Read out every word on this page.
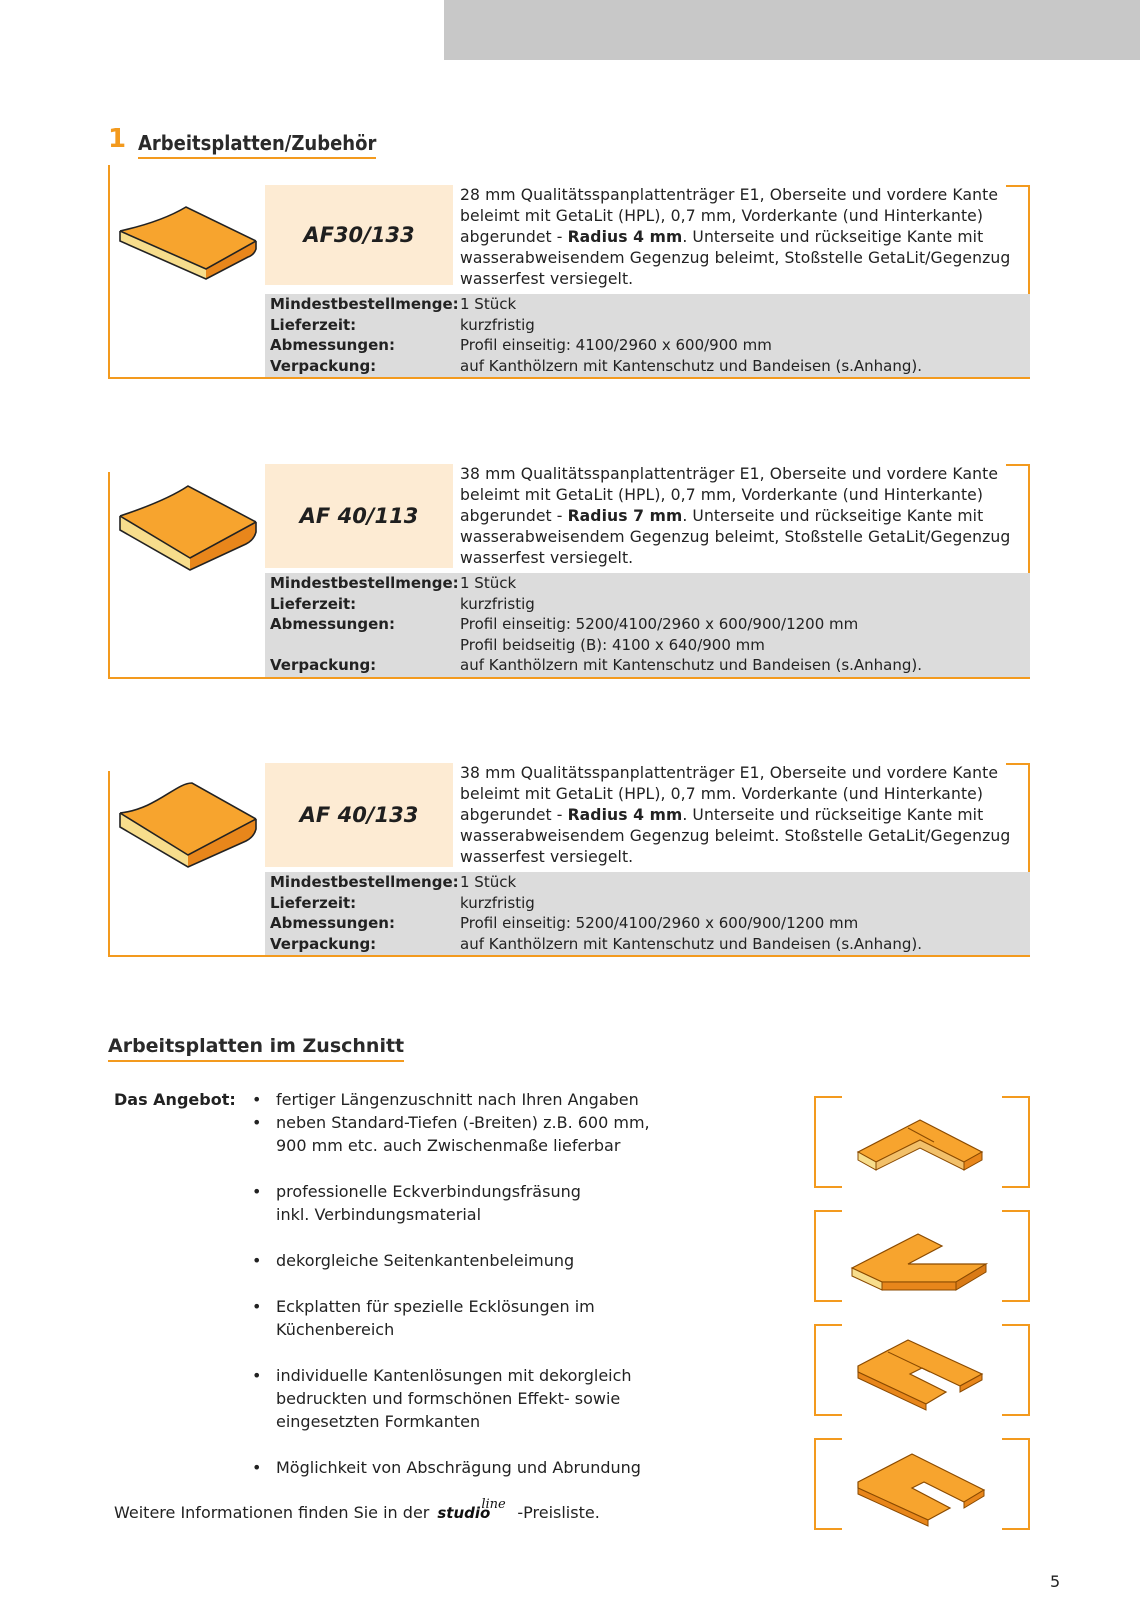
1 Arbeitsplatten/Zubehör
AF30/133
28 mm Qualitätsspanplattenträger E1, Oberseite und vordere Kante beleimt mit GetaLit (HPL), 0,7 mm, Vorderkante (und Hinterkante) abgerundet - Radius 4 mm. Unterseite und rückseitige Kante mit wasserabweisendem Gegenzug beleimt, Stoßstelle GetaLit/Gegenzug wasserfest versiegelt.
Mindestbestellmenge: 1 Stück
Lieferzeit:	kurzfristig
Abmessungen:	Profil einseitig: 4100/2960 x 600/900 mm
Verpackung:	auf Kanthölzern mit Kantenschutz und Bandeisen (s.Anhang).
AF 40/113
38 mm Qualitätsspanplattenträger E1, Oberseite und vordere Kante beleimt mit GetaLit (HPL), 0,7 mm, Vorderkante (und Hinterkante) abgerundet - Radius 7 mm. Unterseite und rückseitige Kante mit wasserabweisendem Gegenzug beleimt, Stoßstelle GetaLit/Gegenzug wasserfest versiegelt.
Mindestbestellmenge: 1 Stück
Lieferzeit:	kurzfristig
Abmessungen:	Profil einseitig: 5200/4100/2960 x 600/900/1200 mm
Profil beidseitig (B): 4100 x 640/900 mm
Verpackung:	auf Kanthölzern mit Kantenschutz und Bandeisen (s.Anhang).
AF 40/133
38 mm Qualitätsspanplattenträger E1, Oberseite und vordere Kante beleimt mit GetaLit (HPL), 0,7 mm. Vorderkante (und Hinterkante) abgerundet - Radius 4 mm. Unterseite und rückseitige Kante mit wasserabweisendem Gegenzug beleimt. Stoßstelle GetaLit/Gegenzug wasserfest versiegelt.
Mindestbestellmenge: 1 Stück
Lieferzeit:	kurzfristig
Abmessungen:	Profil einseitig: 5200/4100/2960 x 600/900/1200 mm
Verpackung:	auf Kanthölzern mit Kantenschutz und Bandeisen (s.Anhang).
Arbeitsplatten im Zuschnitt
Das Angebot:
•	fertiger Längenzuschnitt nach Ihren Angaben
• neben Standard-Tiefen (-Breiten) z.B. 600 mm, 900 mm etc. auch Zwischenmaße lieferbar
• professionelle Eckverbindungsfräsung inkl. Verbindungsmaterial
• dekorgleiche Seitenkantenbeleimung
• Eckplatten für spezielle Ecklösungen im Küchenbereich
• individuelle Kantenlösungen mit dekorgleich bedruckten und formschönen Effekt- sowie eingesetzten Formkanten
• Möglichkeit von Abschrägung und Abrundung
Weitere Informationen finden Sie in der studio
line -Preisliste.
5
